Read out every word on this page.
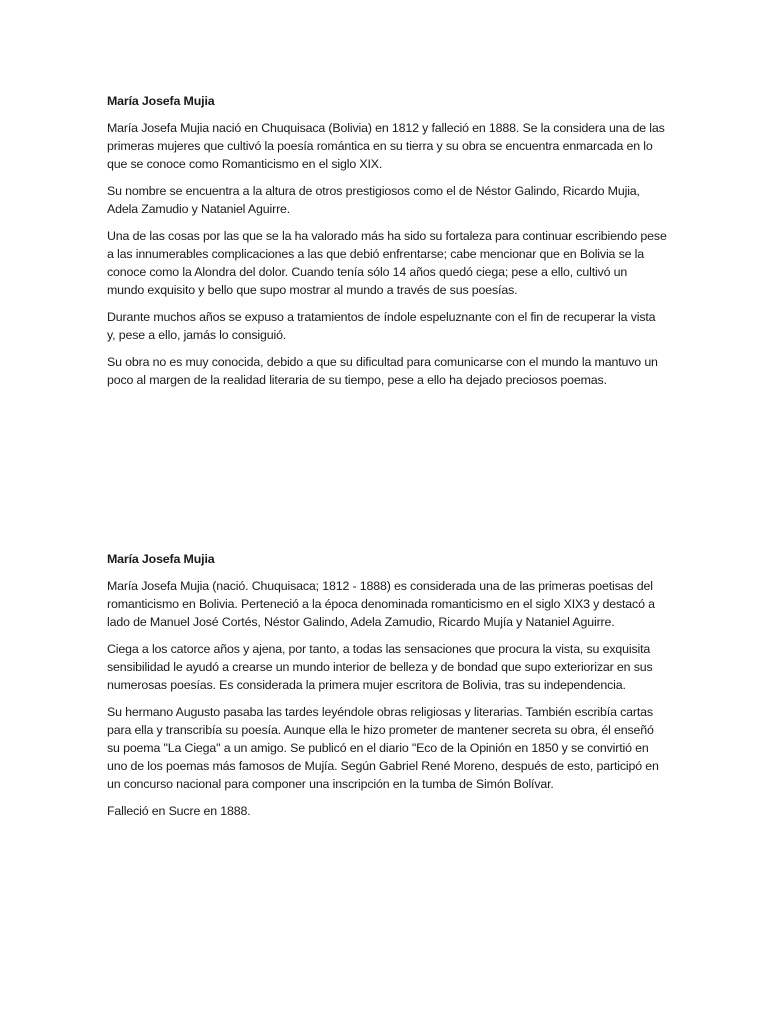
María Josefa Mujia

María Josefa Mujia nació en Chuquisaca (Bolivia) en 1812 y falleció en 1888. Se la considera una de las primeras mujeres que cultivó la poesía romántica en su tierra y su obra se encuentra enmarcada en lo que se conoce como Romanticismo en el siglo XIX.

Su nombre se encuentra a la altura de otros prestigiosos como el de Néstor Galindo, Ricardo Mujia, Adela Zamudio y Nataniel Aguirre.

Una de las cosas por las que se la ha valorado más ha sido su fortaleza para continuar escribiendo pese a las innumerables complicaciones a las que debió enfrentarse; cabe mencionar que en Bolivia se la conoce como la Alondra del dolor. Cuando tenía sólo 14 años quedó ciega; pese a ello, cultivó un mundo exquisito y bello que supo mostrar al mundo a través de sus poesías.

Durante muchos años se expuso a tratamientos de índole espeluznante con el fin de recuperar la vista y, pese a ello, jamás lo consiguió.

Su obra no es muy conocida, debido a que su dificultad para comunicarse con el mundo la mantuvo un poco al margen de la realidad literaria de su tiempo, pese a ello ha dejado preciosos poemas.

María Josefa Mujia

María Josefa Mujia (nació. Chuquisaca; 1812 - 1888) es considerada una de las primeras poetisas del romanticismo en Bolivia. Perteneció a la época denominada romanticismo en el siglo XIX3 y destacó a lado de Manuel José Cortés, Néstor Galindo, Adela Zamudio, Ricardo Mujía y Nataniel Aguirre.

Ciega a los catorce años y ajena, por tanto, a todas las sensaciones que procura la vista, su exquisita sensibilidad le ayudó a crearse un mundo interior de belleza y de bondad que supo exteriorizar en sus numerosas poesías. Es considerada la primera mujer escritora de Bolivia, tras su independencia.

Su hermano Augusto pasaba las tardes leyéndole obras religiosas y literarias. También escribía cartas para ella y transcribía su poesía. Aunque ella le hizo prometer de mantener secreta su obra, él enseñó su poema "La Ciega" a un amigo. Se publicó en el diario "Eco de la Opinión en 1850 y se convirtió en uno de los poemas más famosos de Mujía. Según Gabriel René Moreno, después de esto, participó en un concurso nacional para componer una inscripción en la tumba de Simón Bolívar.

Falleció en Sucre en 1888.
